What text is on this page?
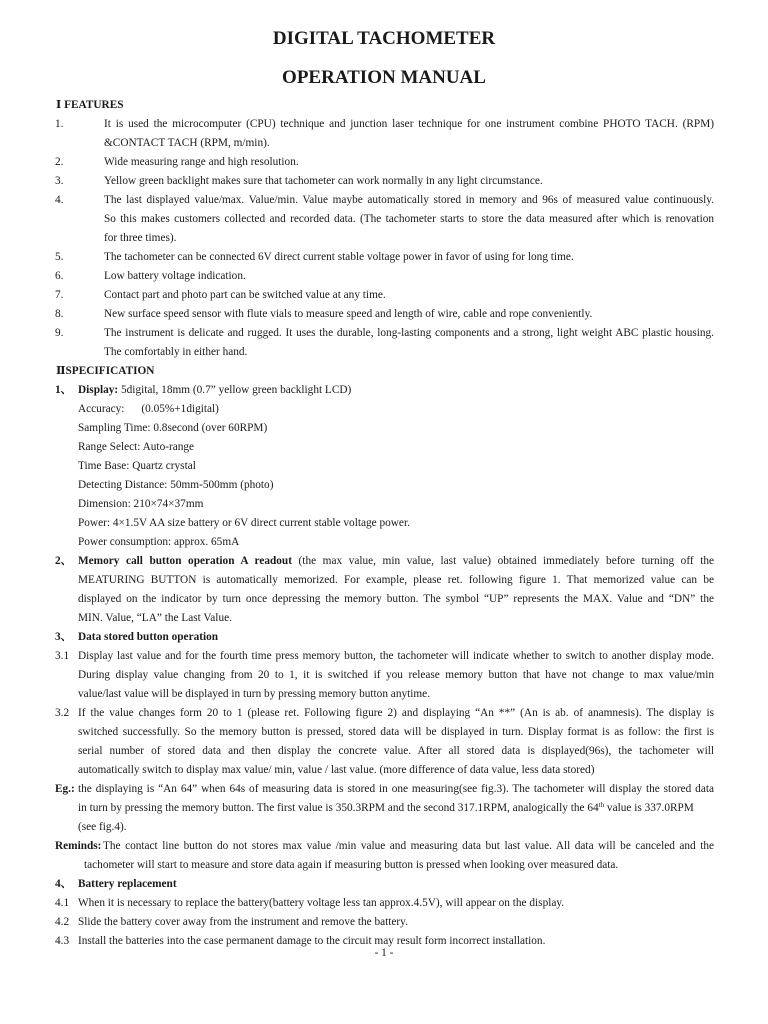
DIGITAL TACHOMETER
OPERATION MANUAL
Ⅰ FEATURES
1.	It is used the microcomputer (CPU) technique and junction laser technique for one instrument combine PHOTO TACH. (RPM)
&CONTACT TACH (RPM, m/min).
2.	Wide measuring range and high resolution.
3.	Yellow green backlight makes sure that tachometer can work normally in any light circumstance.
4.	The last displayed value/max. Value/min. Value maybe automatically stored in memory and 96s of measured value continuously.
So this makes customers collected and recorded data. (The tachometer starts to store the data measured after which is renovation
for three times).
5.	The tachometer can be connected 6V direct current stable voltage power in favor of using for long time.
6.	Low battery voltage indication.
7.	Contact part and photo part can be switched value at any time.
8.	New surface speed sensor with flute vials to measure speed and length of wire, cable and rope conveniently.
9.	The instrument is delicate and rugged. It uses the durable, long-lasting components and a strong, light weight ABC plastic housing.
The comfortably in either hand.
ⅡSPECIFICATION
1、 Display: 5digital, 18mm (0.7” yellow green backlight LCD)
Accuracy:      (0.05%+1digital)
Sampling Time: 0.8second (over 60RPM)
Range Select: Auto-range
Time Base: Quartz crystal
Detecting Distance: 50mm-500mm (photo)
Dimension: 210×74×37mm
Power: 4×1.5V AA size battery or 6V direct current stable voltage power.
Power consumption: approx. 65mA
2、 Memory call button operation A readout (the max value, min value, last value) obtained immediately before turning off the
MEATURING BUTTON is automatically memorized. For example, please ret. following figure 1. That memorized value can be
displayed on the indicator by turn once depressing the memory button. The symbol “UP” represents the MAX. Value and “DN” the
MIN. Value, “LA” the Last Value.
3、 Data stored button operation
3.1 Display last value and for the fourth time press memory button, the tachometer will indicate whether to switch to another display mode.
During display value changing from 20 to 1, it is switched if you release memory button that have not change to max value/min
value/last value will be displayed in turn by pressing memory button anytime.
3.2 If the value changes form 20 to 1 (please ret. Following figure 2) and displaying “An **” (An is ab. of anamnesis). The display is
switched successfully. So the memory button is pressed, stored data will be displayed in turn. Display format is as follow: the first is
serial number of stored data and then display the concrete value. After all stored data is displayed(96s), the tachometer will
automatically switch to display max value/ min, value / last value. (more difference of data value, less data stored)
Eg.: the displaying is “An 64” when 64s of measuring data is stored in one measuring(see fig.3). The tachometer will display the stored data
in turn by pressing the memory button. The first value is 350.3RPM and the second 317.1RPM, analogically the 64th value is 337.0RPM
(see fig.4).
Reminds: The contact line button do not stores max value /min value and measuring data but last value. All data will be canceled and the
tachometer will start to measure and store data again if measuring button is pressed when looking over measured data.
4、 Battery replacement
4.1 When it is necessary to replace the battery(battery voltage less tan approx.4.5V), will appear on the display.
4.2 Slide the battery cover away from the instrument and remove the battery.
4.3 Install the batteries into the case permanent damage to the circuit may result form incorrect installation.
- 1 -
